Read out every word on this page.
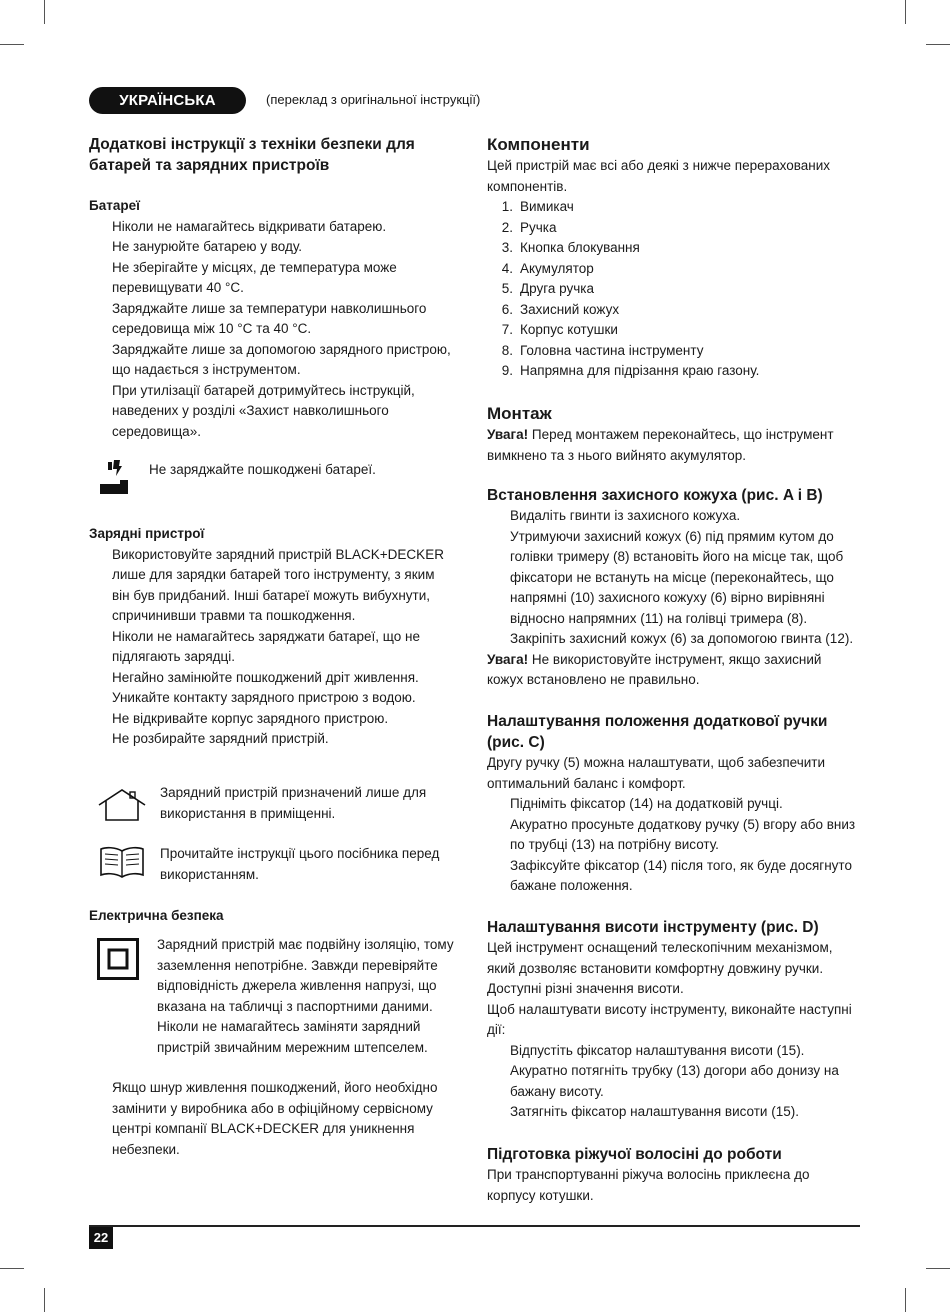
УКРАЇНСЬКА	(переклад з оригінальної інструкції)
Додаткові інструкції з техніки безпеки для
батарей та зарядних пристроїв
Батареї
Ніколи не намагайтесь відкривати батарею.
Не занурюйте батарею у воду.
Не зберігайте у місцях, де температура може
перевищувати 40 °C.
Заряджайте лише за температури навколишнього
середовища між 10 °C та 40 °C.
Заряджайте лише за допомогою зарядного пристрою,
що надається з інструментом.
При утилізації батарей дотримуйтесь інструкцій,
наведених у розділі «Захист навколишнього
середовища».
Не заряджайте пошкоджені батареї.
Зарядні пристрої
Використовуйте зарядний пристрій BLACK+DECKER
лише для зарядки батарей того інструменту, з яким
він був придбаний. Інші батареї можуть вибухнути,
спричинивши травми та пошкодження.
Ніколи не намагайтесь заряджати батареї, що не
підлягають зарядці.
Негайно замінюйте пошкоджений дріт живлення.
Уникайте контакту зарядного пристрою з водою.
Не відкривайте корпус зарядного пристрою.
Не розбирайте зарядний пристрій.
Зарядний пристрій призначений лише для
використання в приміщенні.
Прочитайте інструкції цього посібника перед
використанням.
Електрична безпека
Зарядний пристрій має подвійну ізоляцію, тому
заземлення непотрібне. Завжди перевіряйте
відповідність джерела живлення напрузі, що
вказана на табличці з паспортними даними.
Ніколи не намагайтесь заміняти зарядний
пристрій звичайним мережним штепселем.
Якщо шнур живлення пошкоджений, його необхідно
замінити у виробника або в офіційному сервісному
центрі компанії BLACK+DECKER для уникнення
небезпеки.
Компоненти
Цей пристрій має всі або деякі з нижче перерахованих
компонентів.
1. Вимикач
2. Ручка
3. Кнопка блокування
4. Акумулятор
5. Друга ручка
6. Захисний кожух
7. Корпус котушки
8. Головна частина інструменту
9. Напрямна для підрізання краю газону.
Монтаж
Увага! Перед монтажем переконайтесь, що інструмент
вимкнено та з нього вийнято акумулятор.
Встановлення захисного кожуха (рис. A і B)
Видаліть гвинти із захисного кожуха.
Утримуючи захисний кожух (6) під прямим кутом до
голівки тримеру (8) встановіть його на місце так, щоб
фіксатори не встануть на місце (переконайтесь, що
напрямні (10) захисного кожуху (6) вірно вирівняні
відносно напрямних (11) на голівці тримера (8).
Закріпіть захисний кожух (6) за допомогою гвинта (12).
Увага! Не використовуйте інструмент, якщо захисний
кожух встановлено не правильно.
Налаштування положення додаткової ручки
(рис. C)
Другу ручку (5) можна налаштувати, щоб забезпечити
оптимальний баланс і комфорт.
Підніміть фіксатор (14) на додатковій ручці.
Акуратно просуньте додаткову ручку (5) вгору або вниз
по трубці (13) на потрібну висоту.
Зафіксуйте фіксатор (14) після того, як буде досягнуто
бажане положення.
Налаштування висоти інструменту (рис. D)
Цей інструмент оснащений телескопічним механізмом,
який дозволяє встановити комфортну довжину ручки.
Доступні різні значення висоти.
Щоб налаштувати висоту інструменту, виконайте наступні
дії:
Відпустіть фіксатор налаштування висоти (15).
Акуратно потягніть трубку (13) догори або донизу на
бажану висоту.
Затягніть фіксатор налаштування висоти (15).
Підготовка ріжучої волосіні до роботи
При транспортуванні ріжуча волосінь приклеєна до
корпусу котушки.
22
